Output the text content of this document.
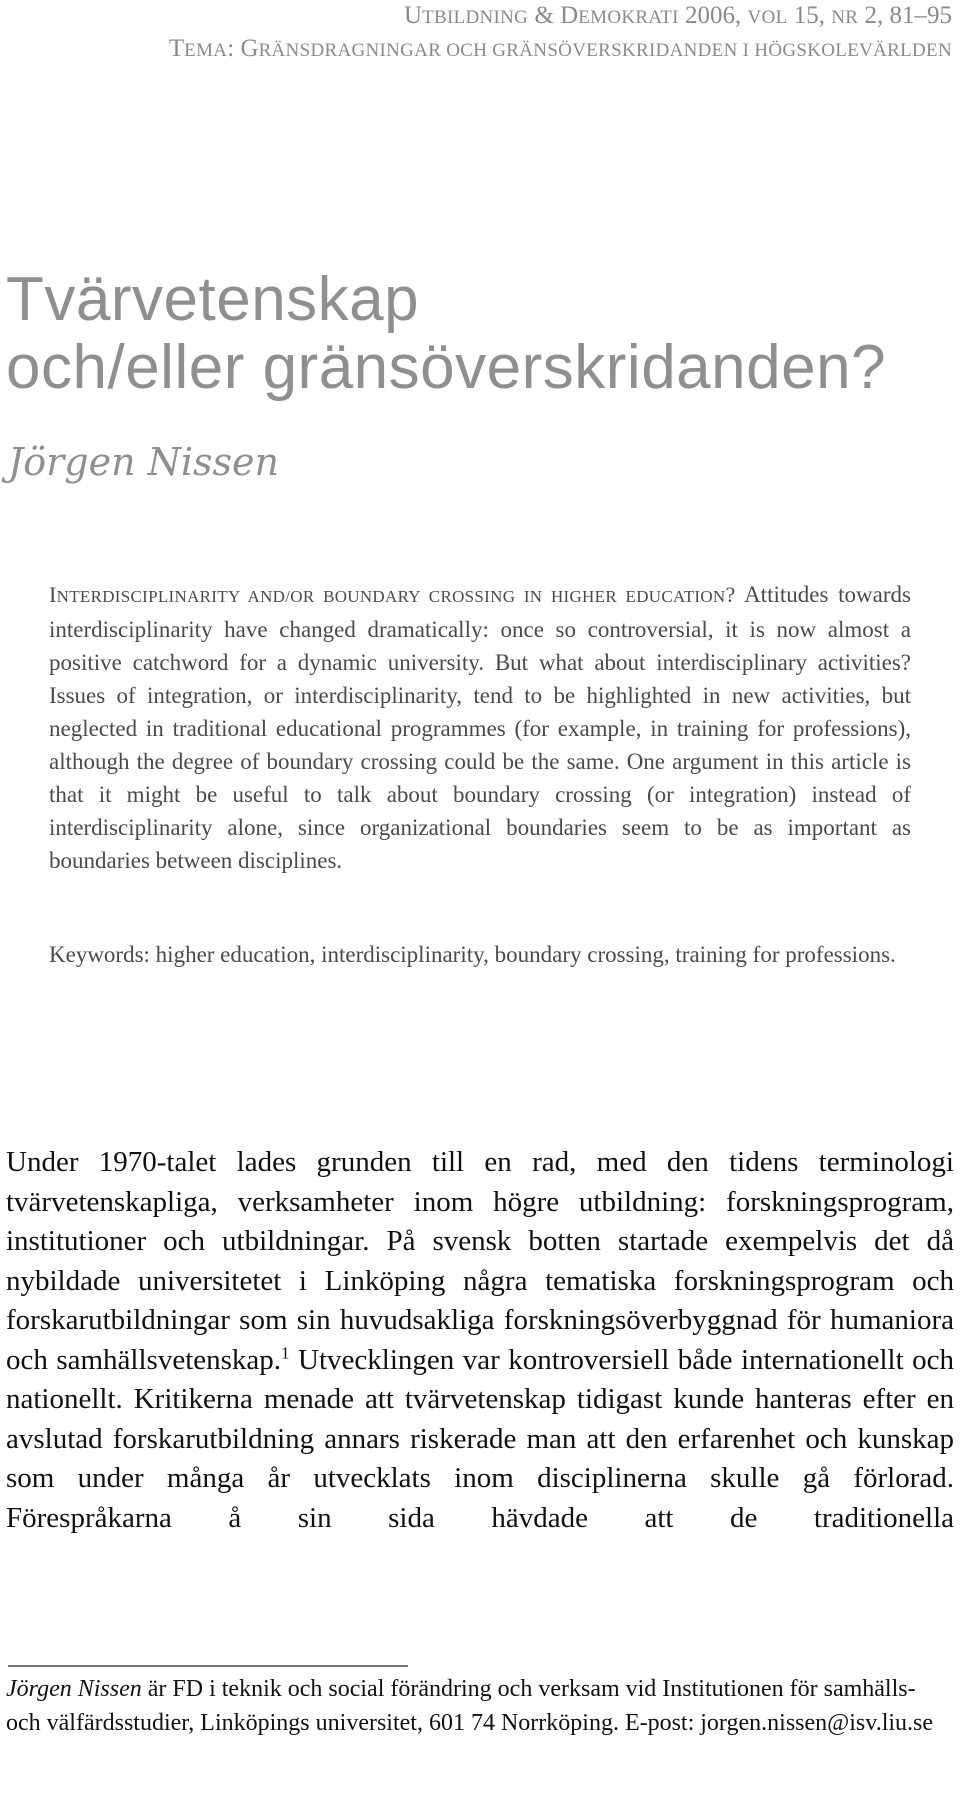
UTBILDNING & DEMOKRATI 2006, VOL 15, NR 2, 81–95
TEMA: GRÄNSDRAGNINGAR OCH GRÄNSÖVERSKRIDANDEN I HÖGSKOLEVÄRLDEN
Tvärvetenskap
och/eller gränsöverskridanden?
Jörgen Nissen
INTERDISCIPLINARITY AND/OR BOUNDARY CROSSING IN HIGHER EDUCATION? Attitudes towards interdisciplinarity have changed dramatically: once so controversial, it is now almost a positive catchword for a dynamic university. But what about interdisciplinary activities? Issues of integration, or interdisciplinarity, tend to be highlighted in new activities, but neglected in traditional educational programmes (for example, in training for professions), although the degree of boundary crossing could be the same. One argument in this article is that it might be useful to talk about boundary crossing (or integration) instead of interdisciplinarity alone, since organizational boundaries seem to be as important as boundaries between disciplines.
Keywords: higher education, interdisciplinarity, boundary crossing, training for professions.
Under 1970-talet lades grunden till en rad, med den tidens terminologi tvärvetenskapliga, verksamheter inom högre utbildning: forskningsprogram, institutioner och utbildningar. På svensk botten startade exempelvis det då nybildade universitetet i Linköping några tematiska forskningsprogram och forskarutbildningar som sin huvudsakliga forskningsöverbyggnad för humaniora och samhällsvetenskap.$^1$ Utvecklingen var kontroversiell både internationellt och nationellt. Kritikerna menade att tvärvetenskap tidigast kunde hanteras efter en avslutad forskarutbildning annars riskerade man att den erfarenhet och kunskap som under många år utvecklats inom disciplinerna skulle gå förlorad. Förespråkarna å sin sida hävdade att de traditionella
Jörgen Nissen är FD i teknik och social förändring och verksam vid Institutionen för samhälls- och välfärdsstudier, Linköpings universitet, 601 74 Norrköping. E-post: jorgen.nissen@isv.liu.se
